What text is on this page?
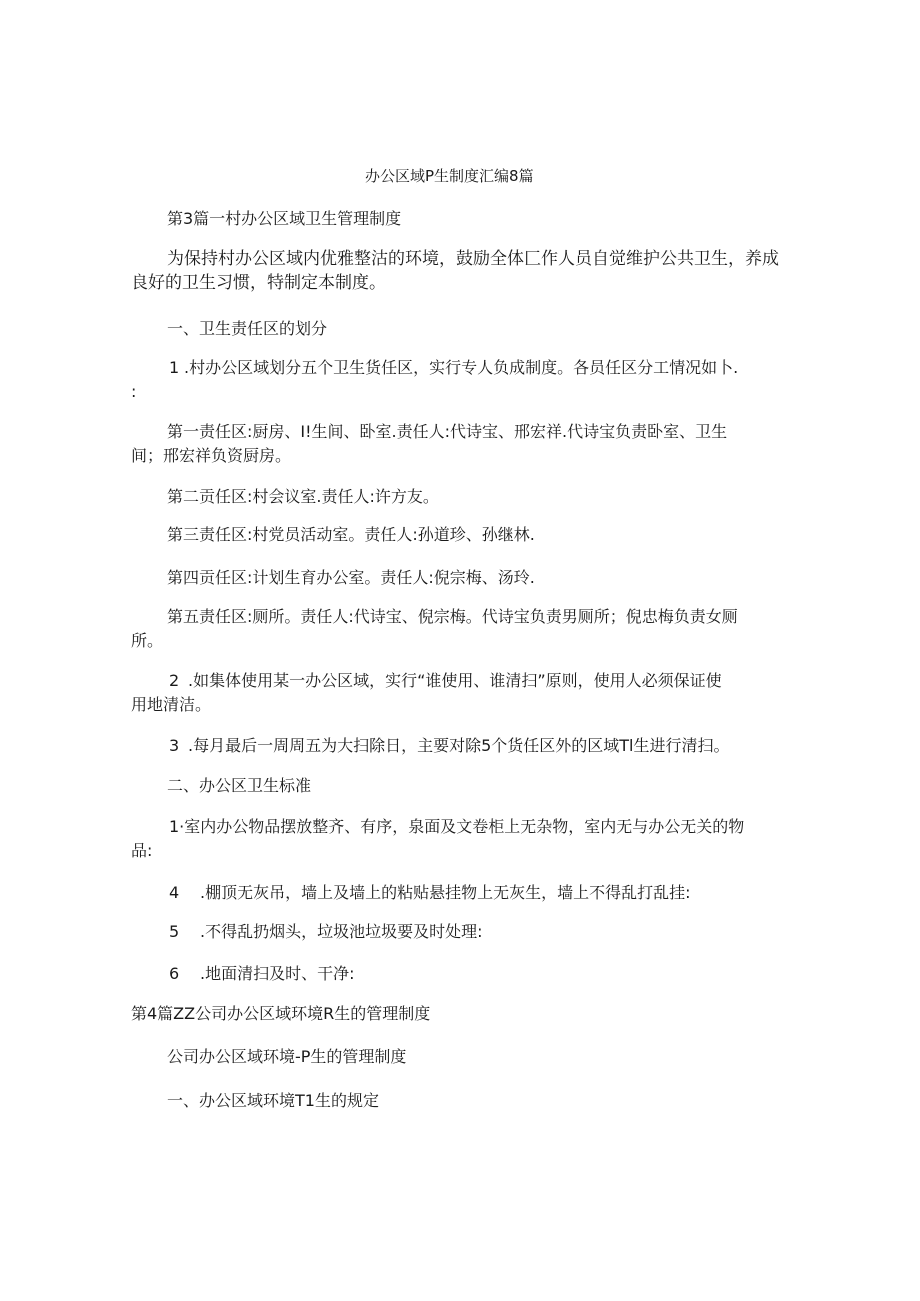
办公区域P生制度汇编8篇
第3篇一村办公区域卫生管理制度
为保持村办公区域内优雅整沽的环境，鼓励全体匚作人员自觉维护公共卫生，养成
良好的卫生习惯，特制定本制度。
一、卫生责任区的划分
1 .村办公区域划分五个卫生货任区，实行专人负成制度。各员任区分工情况如卜.
:
第一责任区:厨房、I!生间、卧室.责任人:代诗宝、邢宏祥.代诗宝负责卧室、卫生
间；邢宏祥负资厨房。
第二贡任区:村会议室.责任人:许方友。
第三责任区:村党员活动室。责任人:孙道珍、孙继林.
第四贡任区:计划生育办公室。责任人:倪宗梅、汤玲.
第五责任区:厕所。责任人:代诗宝、倪宗梅。代诗宝负责男厕所；倪忠梅负责女厕
所。
2 .如集体使用某一办公区域，实行“谁使用、谁清扫”原则，使用人必须保证使
用地清洁。
3 .每月最后一周周五为大扫除日，主要对除5个货任区外的区域Tl生进行清扫。
二、办公区卫生标准
1·室内办公物品摆放整齐、有序，泉面及文卷柜上无杂物，室内无与办公无关的物
品:
4 .棚顶无灰吊，墙上及墙上的粘贴悬挂物上无灰生，墙上不得乱打乱挂:
5 .不得乱扔烟头，垃圾池垃圾要及时处理:
6 .地面清扫及时、干净:
第4篇ZZ公司办公区域环境R生的管理制度
公司办公区域环境-P生的管理制度
一、办公区域环境T1生的规定
